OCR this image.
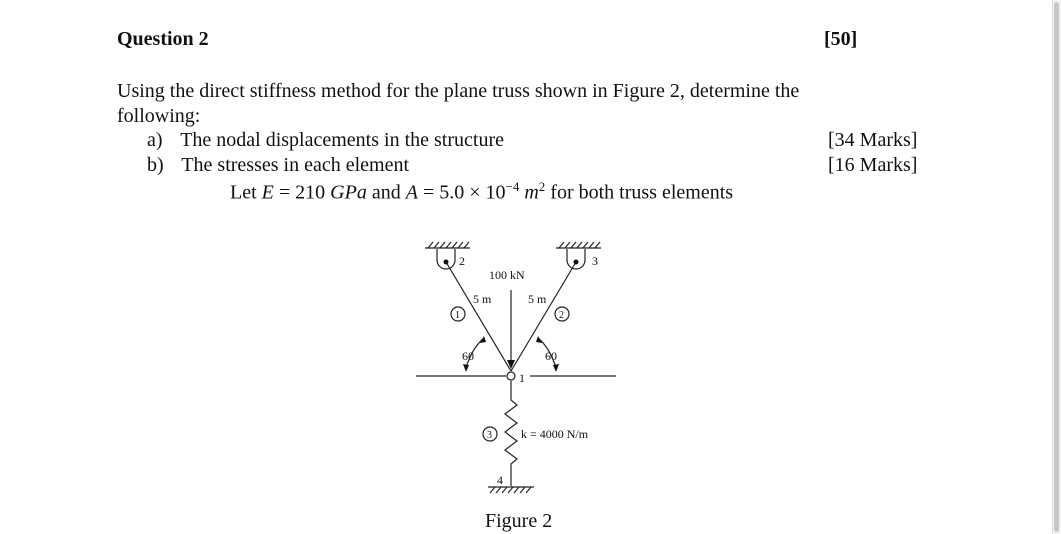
Question 2	[50]
Using the direct stiffness method for the plane truss shown in Figure 2, determine the following:
a) The nodal displacements in the structure	[34 Marks]
b) The stresses in each element	[16 Marks]
Let E = 210 GPa and $A = 5.0 \times 10^{-4}$ $m^2$ for both truss elements
2	3
1
4
100 kN
5 m	5 m
60	60
k = 4000 N/m
1	2
3
Figure 2
